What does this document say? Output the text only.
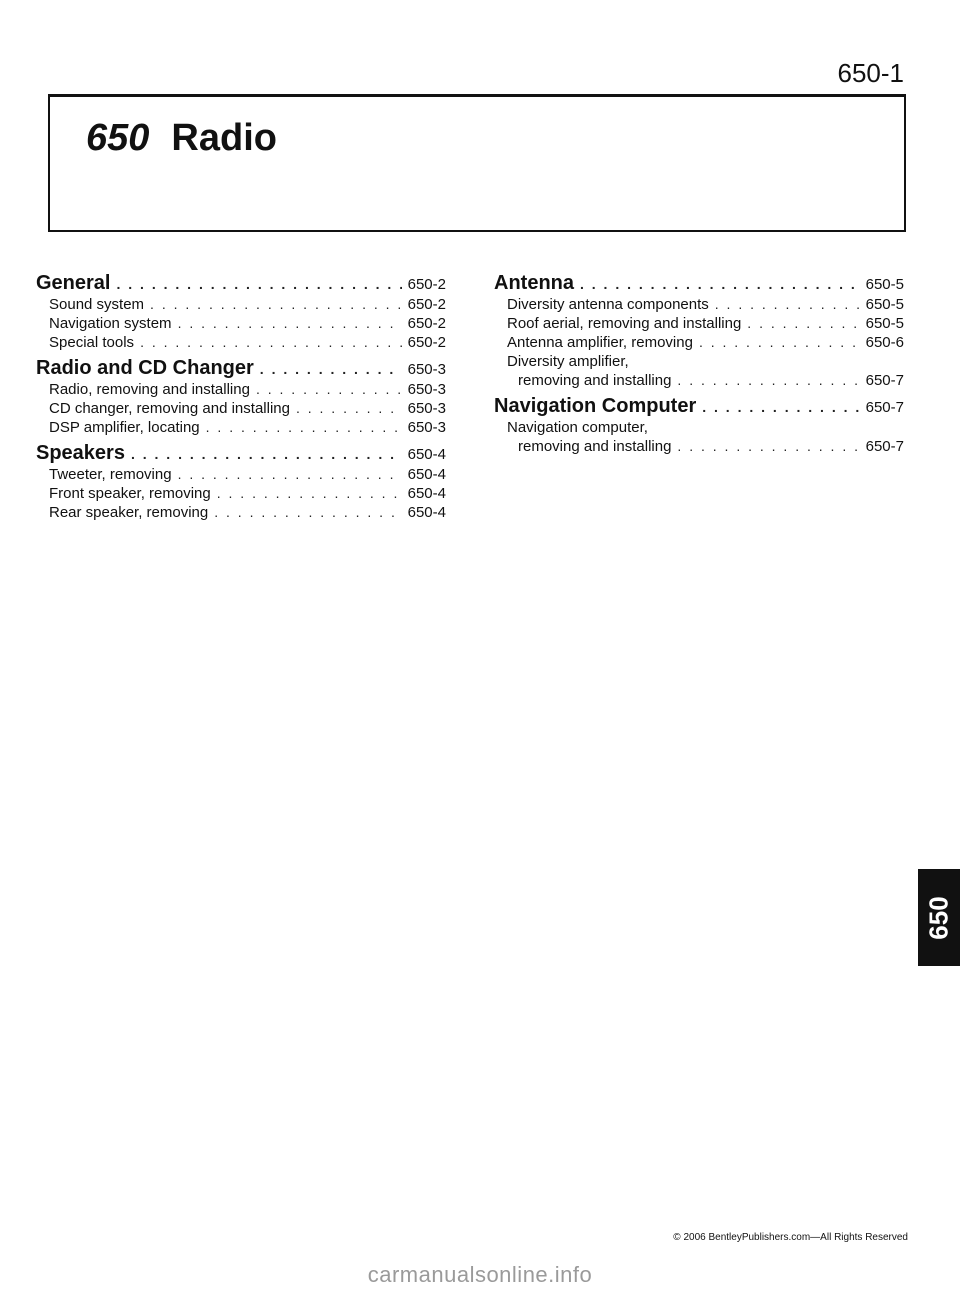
650-1
650 Radio
General . . .	650-2
Sound system . . .	650-2
Navigation system . . .	650-2
Special tools . . .	650-2
Radio and CD Changer . . .	650-3
Radio, removing and installing . . .	650-3
CD changer, removing and installing . . .	650-3
DSP amplifier, locating . . .	650-3
Speakers . . .	650-4
Tweeter, removing . . .	650-4
Front speaker, removing . . .	650-4
Rear speaker, removing . . .	650-4
Antenna . . .	650-5
Diversity antenna components . . .	650-5
Roof aerial, removing and installing . . .	650-5
Antenna amplifier, removing . . .	650-6
Diversity amplifier,
removing and installing . . .	650-7
Navigation Computer . . .	650-7
Navigation computer,
removing and installing . . .	650-7
650
© 2006 BentleyPublishers.com—All Rights Reserved
carmanualsonline.info
